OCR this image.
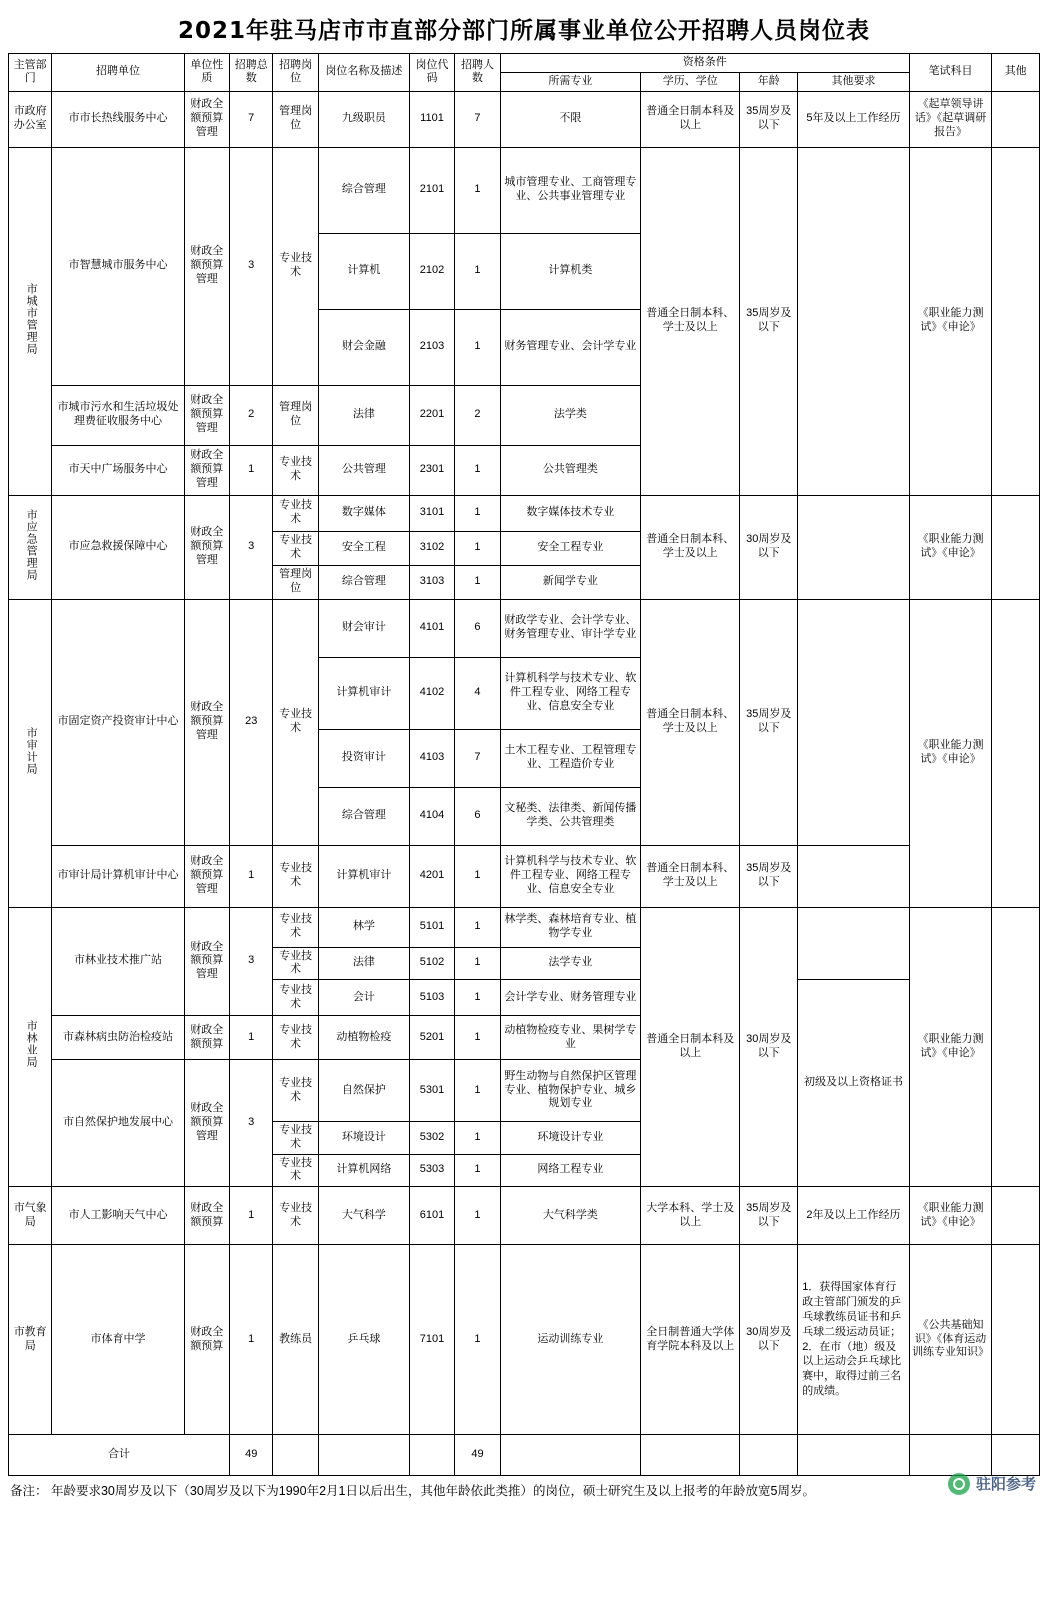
2021年驻马店市市直部分部门所属事业单位公开招聘人员岗位表
主管部门	招聘单位	单位性质	招聘总数	招聘岗位	岗位名称及描述	岗位代码	招聘人数	资格条件				笔试科目	其他
								所需专业	学历、学位	年龄	其他要求		
市政府办公室	市市长热线服务中心	财政全额预算管理	7	管理岗位	九级职员	1101	7	不限	普通全日制本科及以上	35周岁及以下	5年及以上工作经历	《起草领导讲话》《起草调研报告》	
市城市管理局	市智慧城市服务中心	财政全额预算管理	3	专业技术	综合管理	2101	1	城市管理专业、工商管理专业、公共事业管理专业	普通全日制本科、学士及以上	35周岁及以下		《职业能力测试》《申论》	
					计算机	2102	1	计算机类					
					财会金融	2103	1	财务管理专业、会计学专业					
	市城市污水和生活垃圾处理费征收服务中心	财政全额预算管理	2	管理岗位	法律	2201	2	法学类					
	市天中广场服务中心	财政全额预算管理	1	专业技术	公共管理	2301	1	公共管理类					
市应急管理局	市应急救援保障中心	财政全额预算管理	3	专业技术	数字媒体	3101	1	数字媒体技术专业	普通全日制本科、学士及以上	30周岁及以下		《职业能力测试》《申论》	
				专业技术	安全工程	3102	1	安全工程专业					
				管理岗位	综合管理	3103	1	新闻学专业					
市审计局	市固定资产投资审计中心	财政全额预算管理	23	专业技术	财会审计	4101	6	财政学专业、会计学专业、财务管理专业、审计学专业	普通全日制本科、学士及以上	35周岁及以下		《职业能力测试》《申论》	
					计算机审计	4102	4	计算机科学与技术专业、软件工程专业、网络工程专业、信息安全专业					
					投资审计	4103	7	土木工程专业、工程管理专业、工程造价专业					
					综合管理	4104	6	文秘类、法律类、新闻传播学类、公共管理类					
	市审计局计算机审计中心	财政全额预算管理	1	专业技术	计算机审计	4201	1	计算机科学与技术专业、软件工程专业、网络工程专业、信息安全专业	普通全日制本科、学士及以上	35周岁及以下			
市林业局	市林业技术推广站	财政全额预算管理	3	专业技术	林学	5101	1	林学类、森林培育专业、植物学专业	普通全日制本科及以上	30周岁及以下		《职业能力测试》《申论》	
				专业技术	法律	5102	1	法学专业					
				专业技术	会计	5103	1	会计学专业、财务管理专业			初级及以上资格证书		
	市森林病虫防治检疫站	财政全额预算	1	专业技术	动植物检疫	5201	1	动植物检疫专业、果树学专业					
	市自然保护地发展中心	财政全额预算管理	3	专业技术	自然保护	5301	1	野生动物与自然保护区管理专业、植物保护专业、城乡规划专业					
				专业技术	环境设计	5302	1	环境设计专业					
				专业技术	计算机网络	5303	1	网络工程专业					
市气象局	市人工影响天气中心	财政全额预算	1	专业技术	大气科学	6101	1	大气科学类	大学本科、学士及以上	35周岁及以下	2年及以上工作经历	《职业能力测试》《申论》	
市教育局	市体育中学	财政全额预算	1	教练员	乒乓球	7101	1	运动训练专业	全日制普通大学体育学院本科及以上	30周岁及以下	1．获得国家体育行政主管部门颁发的乒乓球教练员证书和乒乓球二级运动员证；2．在市（地）级及以上运动会乒乓球比赛中，取得过前三名的成绩。	《公共基础知识》《体育运动训练专业知识》	
合计			49				49						
备注： 年龄要求30周岁及以下（30周岁及以下为1990年2月1日以后出生，其他年龄依此类推）的岗位，硕士研究生及以上报考的年龄放宽5周岁。	驻阳参考
